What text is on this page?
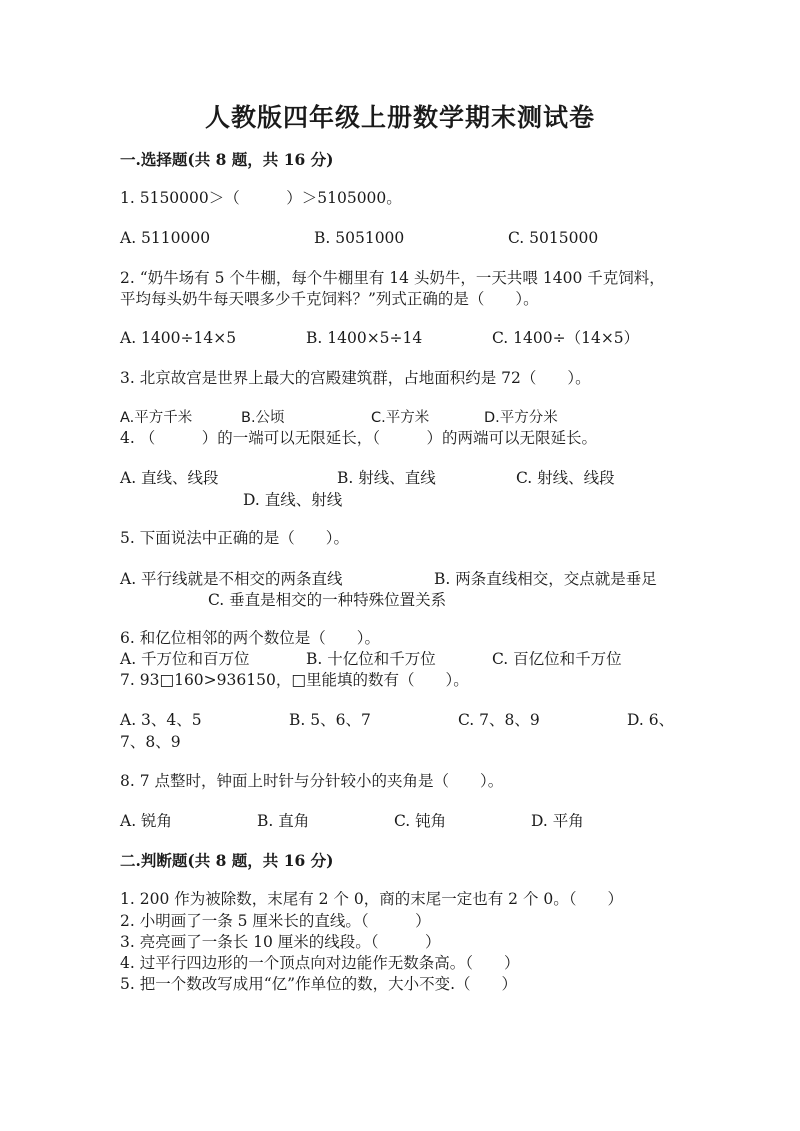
人教版四年级上册数学期末测试卷
一.选择题(共 8 题，共 16 分)
1. 5150000＞（　　　）＞5105000。
A. 5110000	B. 5051000	C. 5015000
2. “奶牛场有 5 个牛棚，每个牛棚里有 14 头奶牛，一天共喂 1400 千克饲料，
平均每头奶牛每天喂多少千克饲料？”列式正确的是（　　）。
A. 1400÷14×5	B. 1400×5÷14	C. 1400÷（14×5）
3. 北京故宫是世界上最大的宫殿建筑群，占地面积约是 72（　　）。
A.平方千米	B.公顷	C.平方米	D.平方分米
4. （　　　）的一端可以无限延长，（　　　）的两端可以无限延长。
A. 直线、线段	B. 射线、直线	C. 射线、线段
D. 直线、射线
5. 下面说法中正确的是（　　）。
A. 平行线就是不相交的两条直线	B. 两条直线相交，交点就是垂足
C. 垂直是相交的一种特殊位置关系
6. 和亿位相邻的两个数位是（　　）。
A. 千万位和百万位	B. 十亿位和千万位	C. 百亿位和千万位
7. 93□160>936150，□里能填的数有（　　）。
A. 3、4、5	B. 5、6、7	C. 7、8、9	D. 6、
7、8、9
8. 7 点整时，钟面上时针与分针较小的夹角是（　　）。
A. 锐角	B. 直角	C. 钝角	D. 平角
二.判断题(共 8 题，共 16 分)
1. 200 作为被除数，末尾有 2 个 0，商的末尾一定也有 2 个 0。（　　）
2. 小明画了一条 5 厘米长的直线。（　　　）
3. 亮亮画了一条长 10 厘米的线段。（　　　）
4. 过平行四边形的一个顶点向对边能作无数条高。（　　）
5. 把一个数改写成用“亿”作单位的数，大小不变.（　　）
